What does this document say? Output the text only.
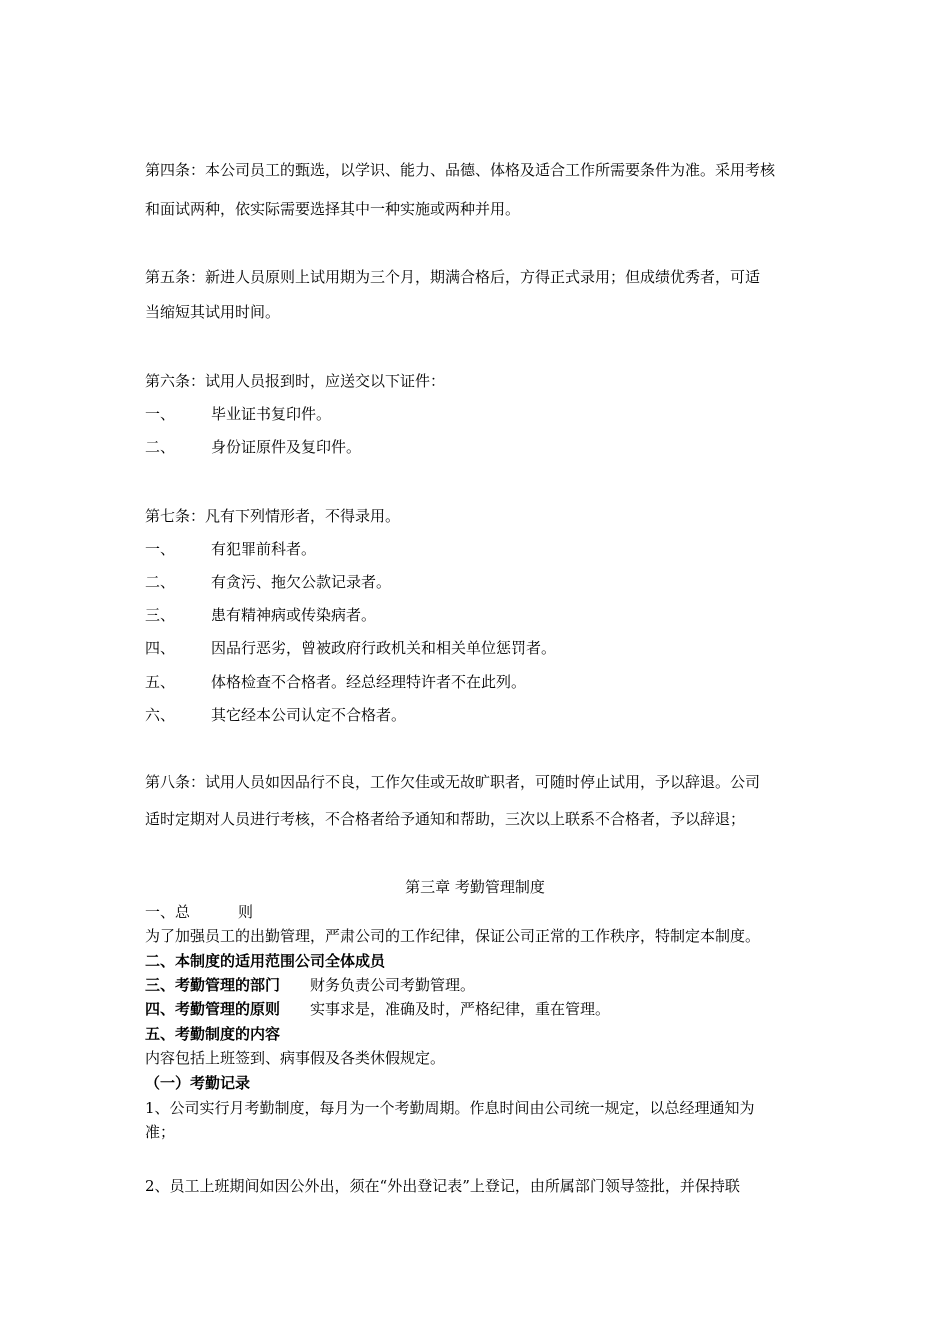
第四条：本公司员工的甄选，以学识、能力、品德、体格及适合工作所需要条件为准。采用考核
和面试两种，依实际需要选择其中一种实施或两种并用。
第五条：新进人员原则上试用期为三个月，期满合格后，方得正式录用；但成绩优秀者，可适
当缩短其试用时间。
第六条：试用人员报到时，应送交以下证件：
一、 毕业证书复印件。
二、 身份证原件及复印件。
第七条：凡有下列情形者，不得录用。
一、 有犯罪前科者。
二、 有贪污、拖欠公款记录者。
三、 患有精神病或传染病者。
四、 因品行恶劣，曾被政府行政机关和相关单位惩罚者。
五、 体格检查不合格者。经总经理特许者不在此列。
六、 其它经本公司认定不合格者。
第八条：试用人员如因品行不良，工作欠佳或无故旷职者，可随时停止试用，予以辞退。公司
适时定期对人员进行考核，不合格者给予通知和帮助，三次以上联系不合格者，予以辞退；
第三章 考勤管理制度
一、总	则
为了加强员工的出勤管理，严肃公司的工作纪律，保证公司正常的工作秩序，特制定本制度。
二、本制度的适用范围公司全体成员
三、考勤管理的部门 财务负责公司考勤管理。
四、考勤管理的原则 实事求是，准确及时，严格纪律，重在管理。
五、考勤制度的内容
内容包括上班签到、病事假及各类休假规定。
（一）考勤记录
1、公司实行月考勤制度，每月为一个考勤周期。作息时间由公司统一规定，以总经理通知为
准；
2、员工上班期间如因公外出，须在“外出登记表”上登记，由所属部门领导签批，并保持联
